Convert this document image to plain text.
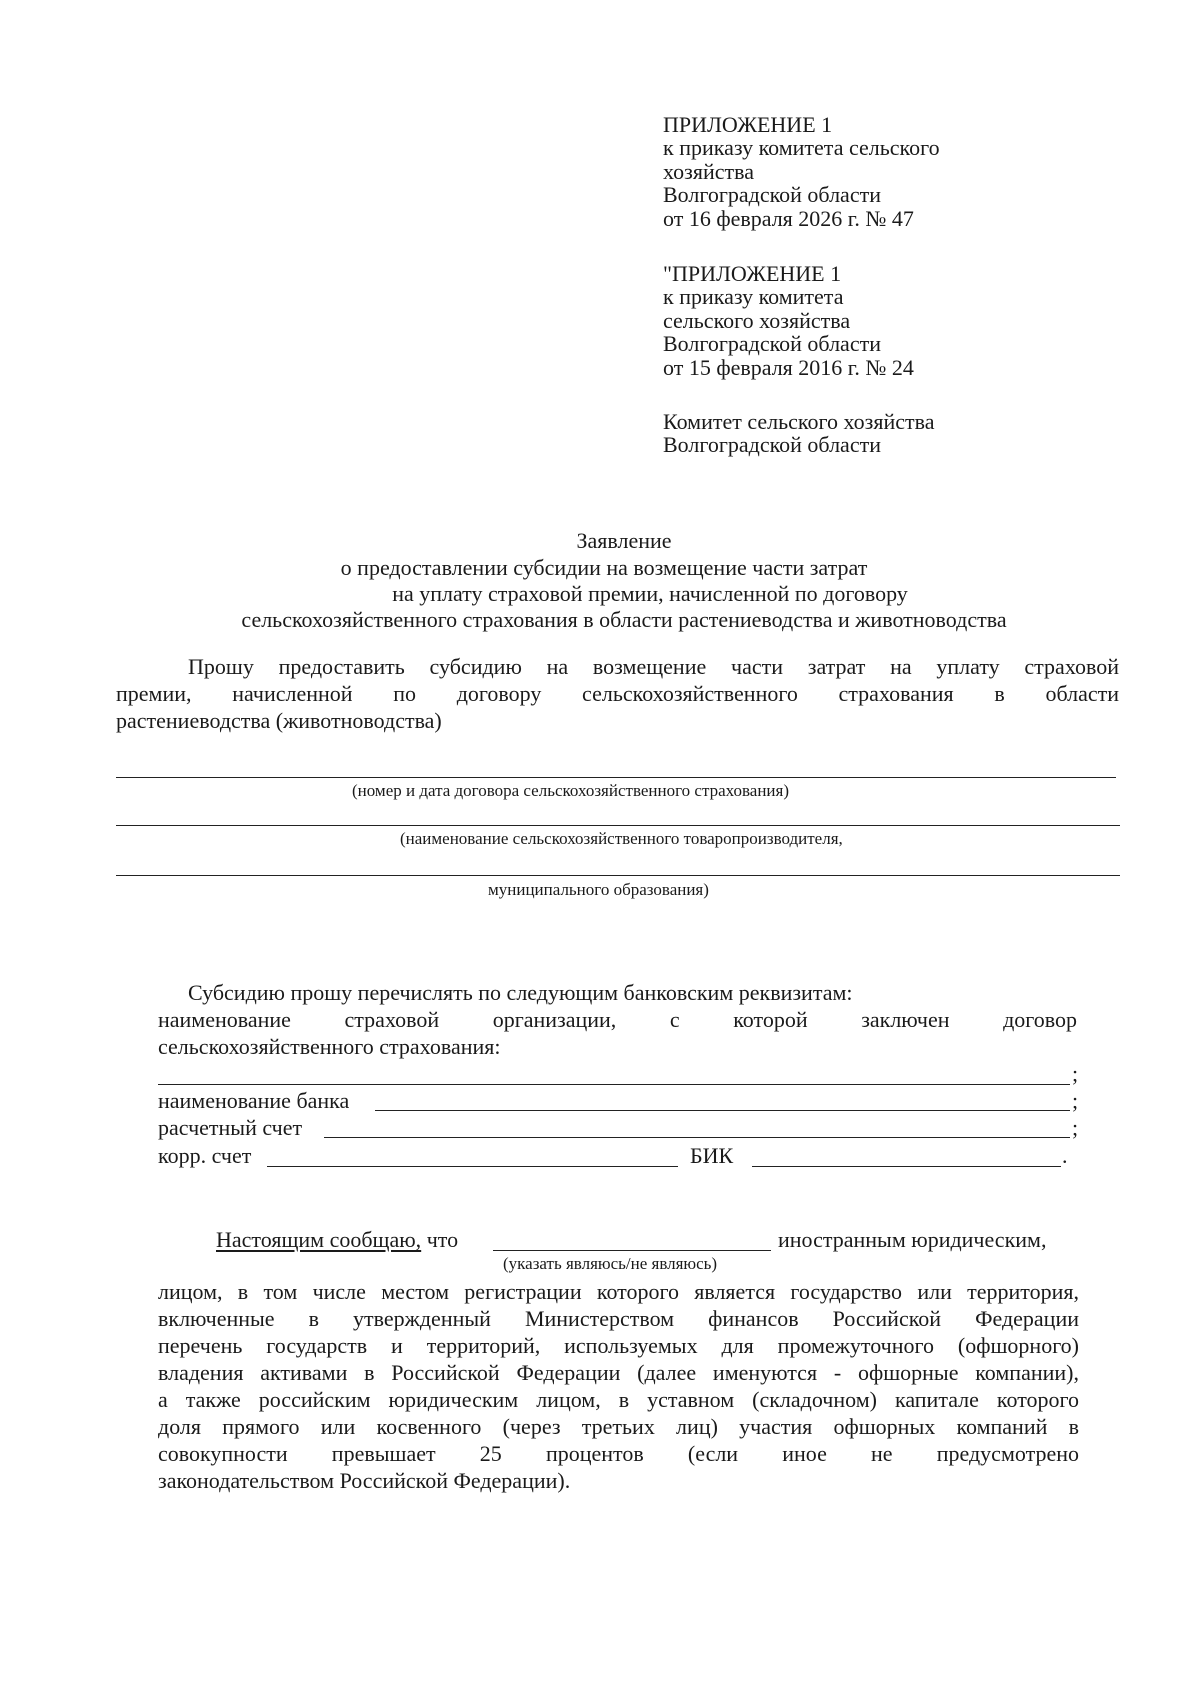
ПРИЛОЖЕНИЕ 1
к приказу комитета сельского
хозяйства
Волгоградской области
от 16 февраля 2026 г. № 47
"ПРИЛОЖЕНИЕ 1
к приказу комитета
сельского хозяйства
Волгоградской области
от 15 февраля 2016 г. № 24
Комитет сельского хозяйства
Волгоградской области
Заявление
о предоставлении субсидии на возмещение части затрат
на уплату страховой премии, начисленной по договору
сельскохозяйственного страхования в области растениеводства и животноводства
Прошу предоставить субсидию на возмещение части затрат на уплату страховой
премии, начисленной по договору сельскохозяйственного страхования в области
растениеводства (животноводства)
(номер и дата договора сельскохозяйственного страхования)
(наименование сельскохозяйственного товаропроизводителя,
муниципального образования)
Субсидию прошу перечислять по следующим банковским реквизитам:
наименование страховой организации, с которой заключен договор
сельскохозяйственного страхования:
;
наименование банка	;
расчетный счет	;
корр. счет	БИК	.
Настоящим сообщаю, что	иностранным юридическим,
(указать являюсь/не являюсь)
лицом, в том числе местом регистрации которого является государство или территория,
включенные в утвержденный Министерством финансов Российской Федерации
перечень государств и территорий, используемых для промежуточного (офшорного)
владения активами в Российской Федерации (далее именуются - офшорные компании),
а также российским юридическим лицом, в уставном (складочном) капитале которого
доля прямого или косвенного (через третьих лиц) участия офшорных компаний в
совокупности превышает 25 процентов (если иное не предусмотрено
законодательством Российской Федерации).
